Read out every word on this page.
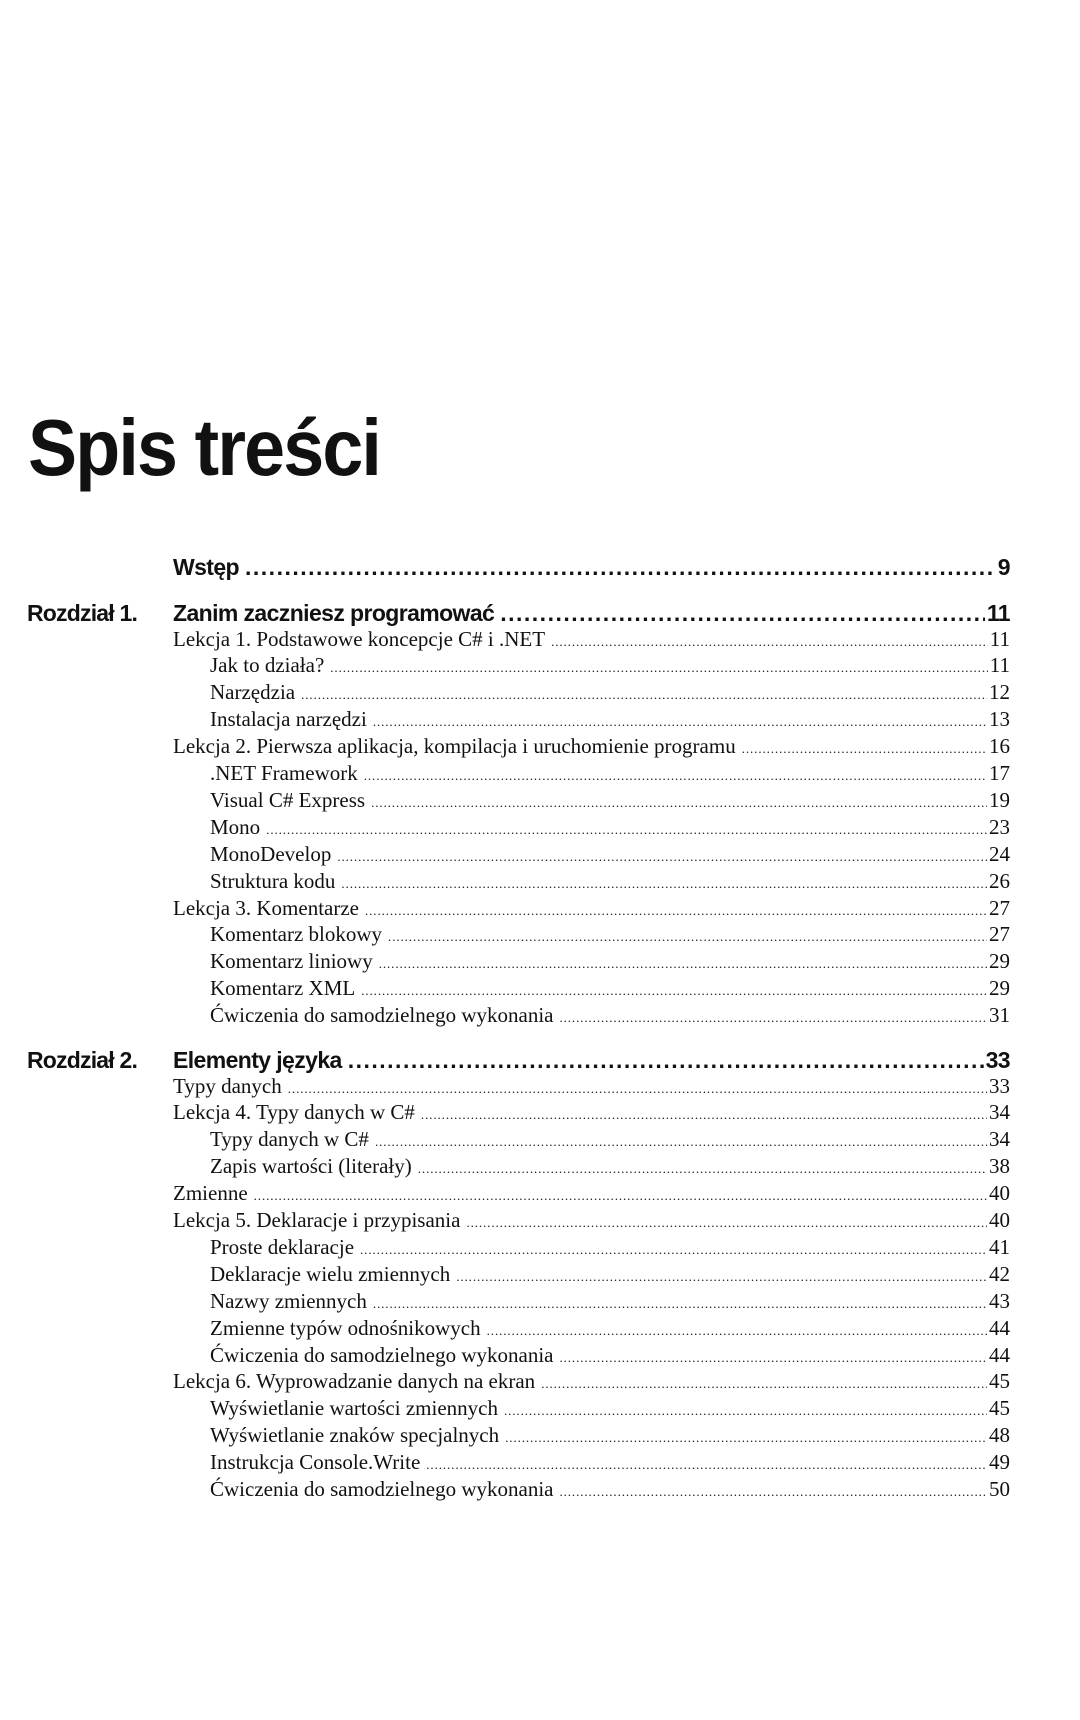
Spis treści
Wstęp .....	9
Rozdział 1. Zanim zaczniesz programować .....	11
Lekcja 1. Podstawowe koncepcje C# i .NET .....	11
Jak to działa? .....	11
Narzędzia .....	12
Instalacja narzędzi .....	13
Lekcja 2. Pierwsza aplikacja, kompilacja i uruchomienie programu .....	16
.NET Framework .....	17
Visual C# Express .....	19
Mono .....	23
MonoDevelop .....	24
Struktura kodu .....	26
Lekcja 3. Komentarze .....	27
Komentarz blokowy .....	27
Komentarz liniowy .....	29
Komentarz XML .....	29
Ćwiczenia do samodzielnego wykonania .....	31
Rozdział 2. Elementy języka .....	33
Typy danych .....	33
Lekcja 4. Typy danych w C# .....	34
Typy danych w C# .....	34
Zapis wartości (literały) .....	38
Zmienne .....	40
Lekcja 5. Deklaracje i przypisania .....	40
Proste deklaracje .....	41
Deklaracje wielu zmiennych .....	42
Nazwy zmiennych .....	43
Zmienne typów odnośnikowych .....	44
Ćwiczenia do samodzielnego wykonania .....	44
Lekcja 6. Wyprowadzanie danych na ekran .....	45
Wyświetlanie wartości zmiennych .....	45
Wyświetlanie znaków specjalnych .....	48
Instrukcja Console.Write .....	49
Ćwiczenia do samodzielnego wykonania .....	50
